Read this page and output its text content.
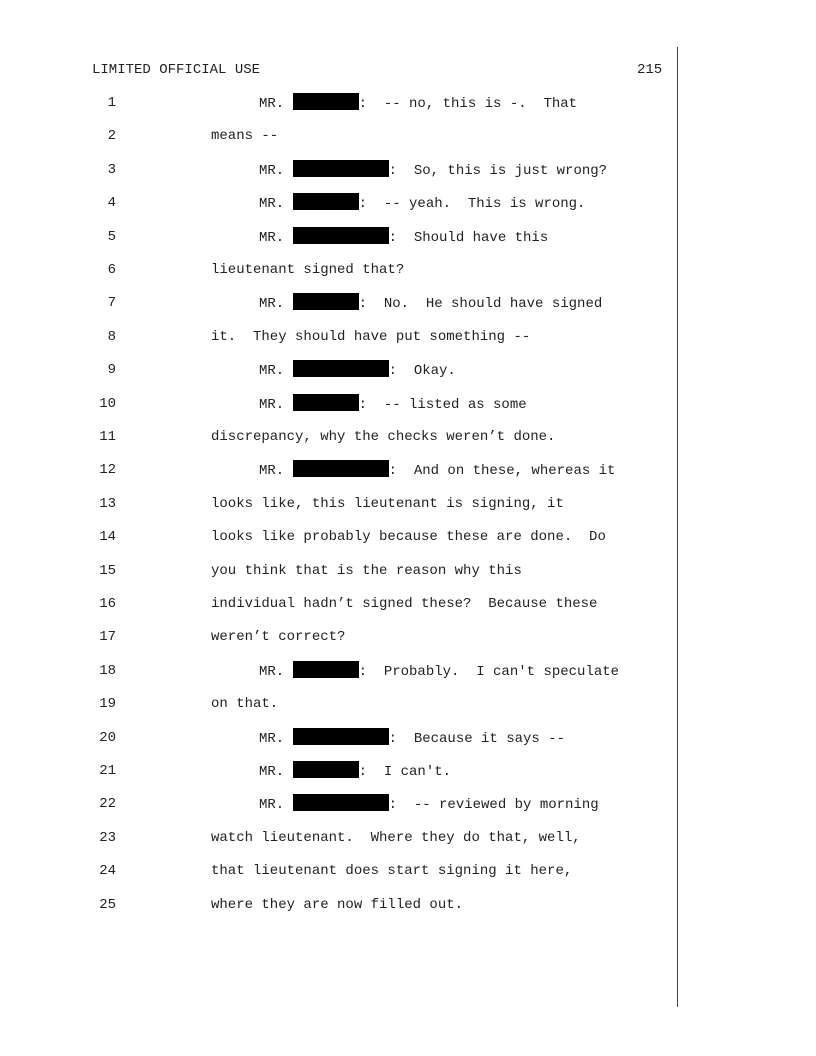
LIMITED OFFICIAL USE	215
1	MR.	:  -- no, this is -.  That
2	means --
3	MR.	:  So, this is just wrong?
4	MR.	:  -- yeah.  This is wrong.
5	MR.	:  Should have this
6	lieutenant signed that?
7	MR.	:  No.  He should have signed
8	it.  They should have put something --
9	MR.	:  Okay.
10	MR.	:  -- listed as some
11	discrepancy, why the checks weren’t done.
12	MR.	:  And on these, whereas it
13	looks like, this lieutenant is signing, it
14	looks like probably because these are done.  Do
15	you think that is the reason why this
16	individual hadn’t signed these?  Because these
17	weren’t correct?
18	MR.	:  Probably.  I can't speculate
19	on that.
20	MR.	:  Because it says --
21	MR.	:  I can't.
22	MR.	:  -- reviewed by morning
23	watch lieutenant.  Where they do that, well,
24	that lieutenant does start signing it here,
25	where they are now filled out.
